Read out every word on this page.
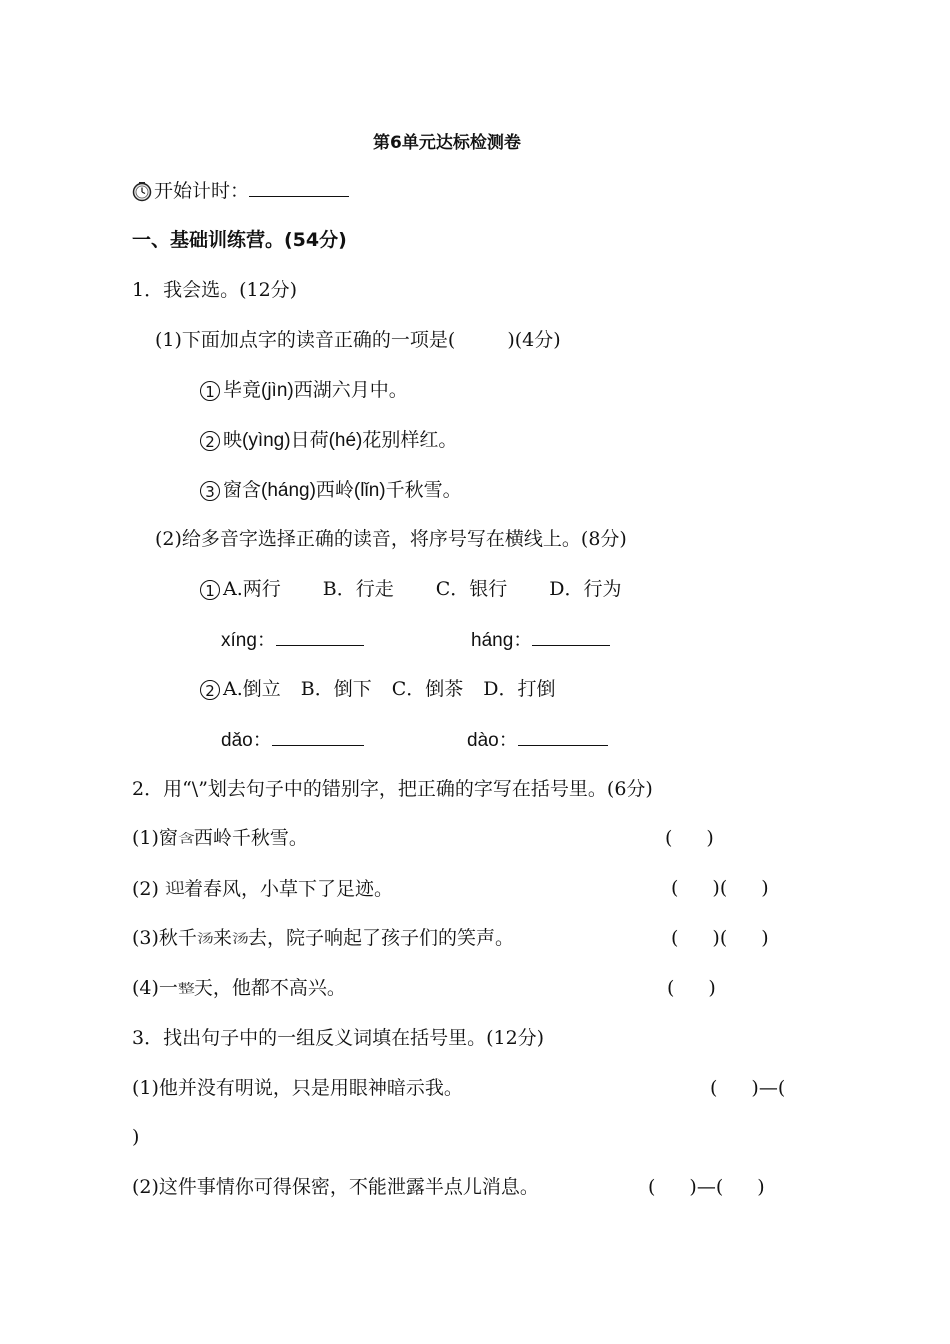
第6单元达标检测卷
开始计时：
一、基础训练营。(54分)
1．我会选。(12分)
(1)下面加点字的读音正确的一项是(	)(4分)
1 毕竟(jìn)西湖六月中。
2 映(yìng)日荷(hé)花别样红。
3 窗含(háng)西岭(lǐn)千秋雪。
(2)给多音字选择正确的读音，将序号写在横线上。(8分)
1 A.两行 B．行走 C．银行 D．行为
xíng：	háng：
2 A.倒立 B．倒下 C．倒茶 D．打倒
dǎo：	dào：
2．用“\”划去句子中的错别字，把正确的字写在括号里。(6分)
(1)窗含西岭千秋雪。	( )
(2) 迎着春风，小草下了足迹。	( )( )
(3)秋千汤来汤去，院子响起了孩子们的笑声。	( )( )
(4)一整天，他都不高兴。	( )
3．找出句子中的一组反义词填在括号里。(12分)
(1)他并没有明说，只是用眼神暗示我。	( )—(
)
(2)这件事情你可得保密，不能泄露半点儿消息。	( )—( )
